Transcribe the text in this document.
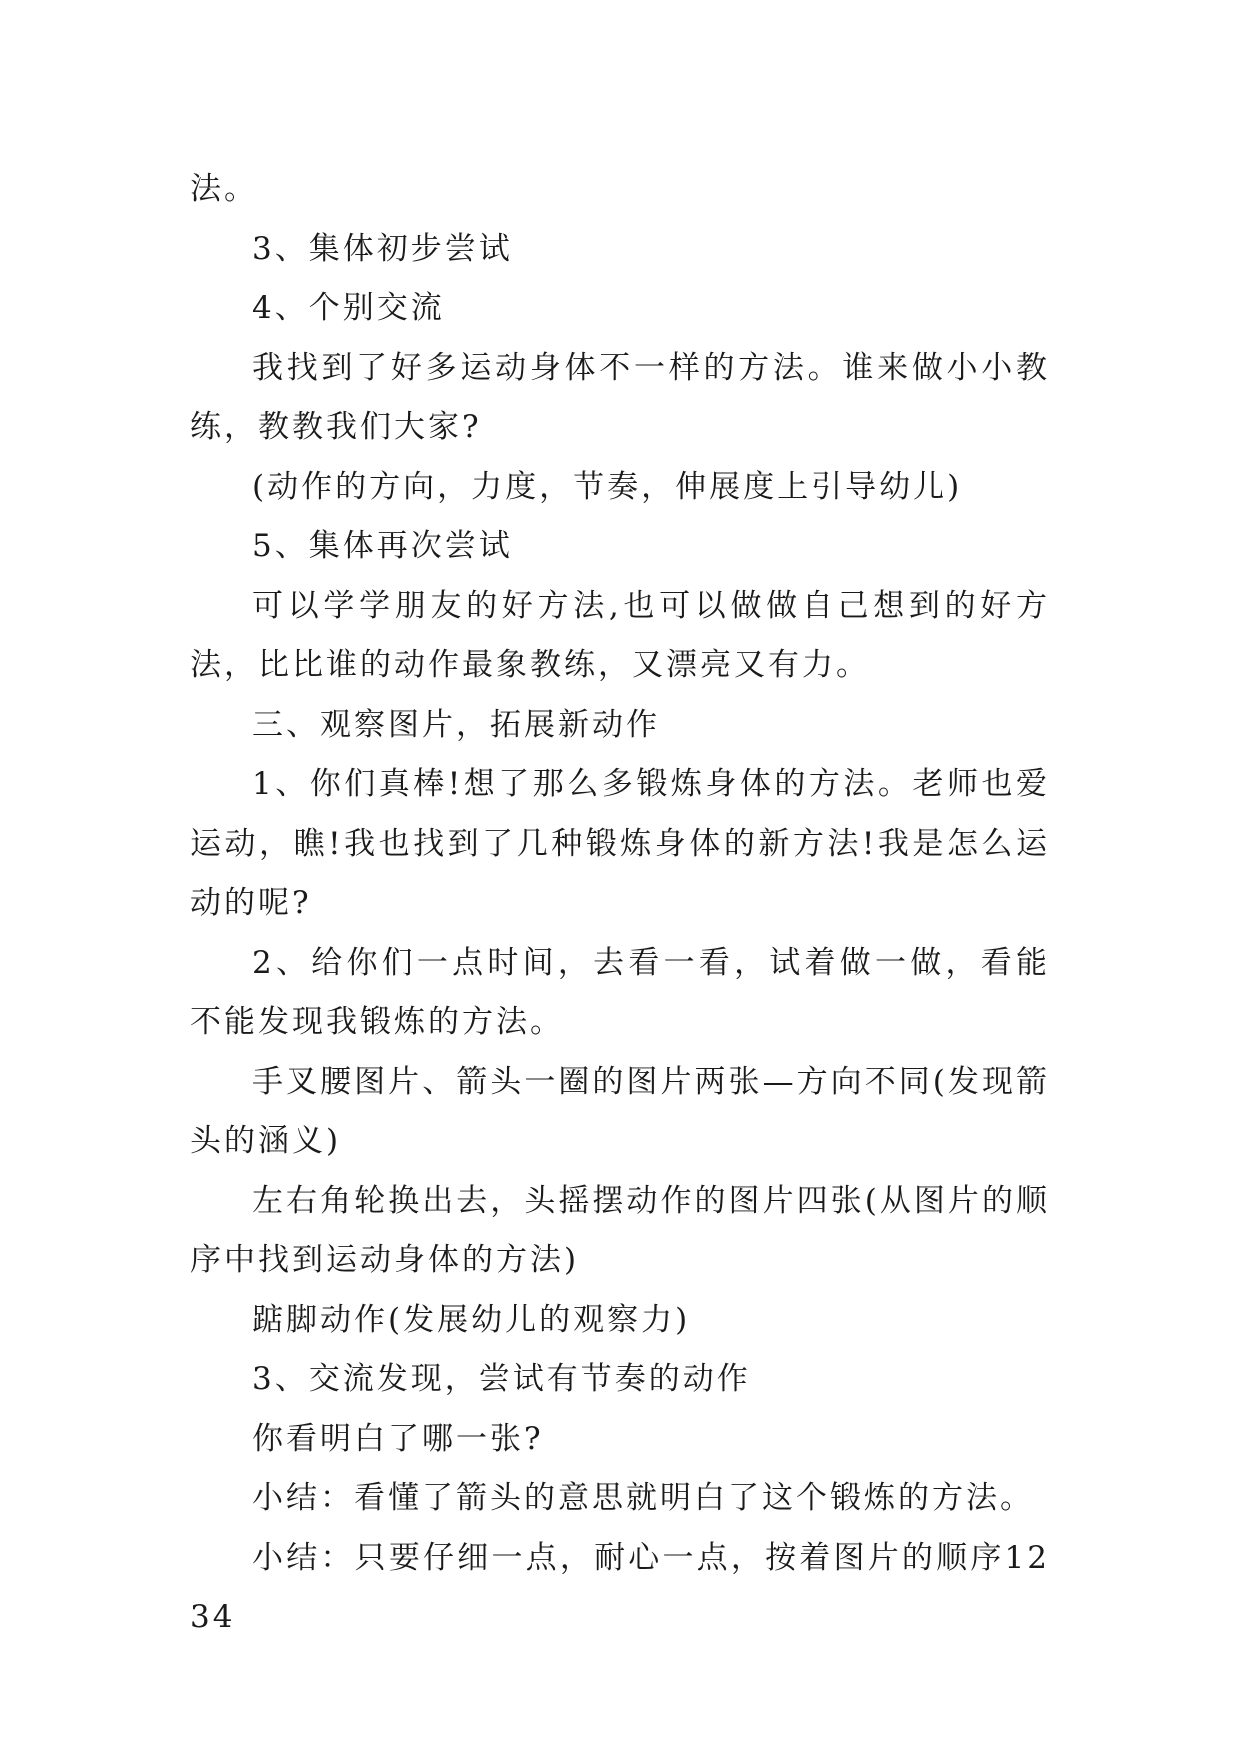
法。

3、集体初步尝试

4、个别交流

我找到了好多运动身体不一样的方法。谁来做小小教练，教教我们大家?

(动作的方向，力度，节奏，伸展度上引导幼儿)

5、集体再次尝试

可以学学朋友的好方法,也可以做做自己想到的好方法，比比谁的动作最象教练，又漂亮又有力。

三、观察图片，拓展新动作

1、你们真棒!想了那么多锻炼身体的方法。老师也爱运动，瞧!我也找到了几种锻炼身体的新方法!我是怎么运动的呢?

2、给你们一点时间，去看一看，试着做一做，看能不能发现我锻炼的方法。

手叉腰图片、箭头一圈的图片两张—方向不同(发现箭头的涵义)

左右角轮换出去，头摇摆动作的图片四张(从图片的顺序中找到运动身体的方法)

踮脚动作(发展幼儿的观察力)

3、交流发现，尝试有节奏的动作

你看明白了哪一张?

小结：看懂了箭头的意思就明白了这个锻炼的方法。

小结：只要仔细一点，耐心一点，按着图片的顺序1234
